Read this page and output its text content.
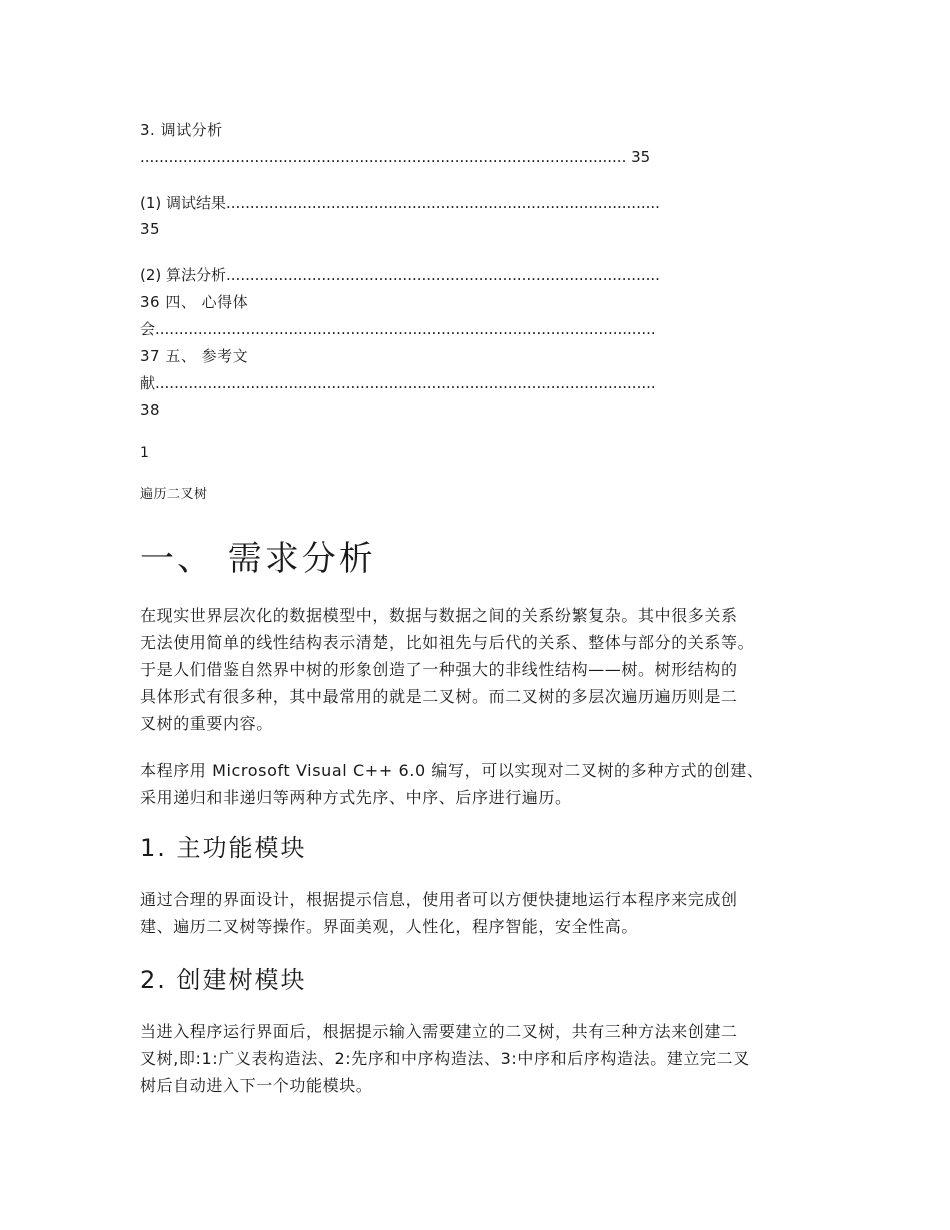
3. 调试分析
...................................................................................................... 35
(1) 调试结果...........................................................................................
35
(2) 算法分析...........................................................................................
36 四、 心得体
会.........................................................................................................
37 五、 参考文
献.........................................................................................................
38
1
遍历二叉树
一、 需求分析
在现实世界层次化的数据模型中，数据与数据之间的关系纷繁复杂。其中很多关系
无法使用简单的线性结构表示清楚，比如祖先与后代的关系、整体与部分的关系等。
于是人们借鉴自然界中树的形象创造了一种强大的非线性结构——树。树形结构的
具体形式有很多种，其中最常用的就是二叉树。而二叉树的多层次遍历遍历则是二
叉树的重要内容。
本程序用 Microsoft Visual C++ 6.0 编写，可以实现对二叉树的多种方式的创建、
采用递归和非递归等两种方式先序、中序、后序进行遍历。
1. 主功能模块
通过合理的界面设计，根据提示信息，使用者可以方便快捷地运行本程序来完成创
建、遍历二叉树等操作。界面美观，人性化，程序智能，安全性高。
2. 创建树模块
当进入程序运行界面后，根据提示输入需要建立的二叉树，共有三种方法来创建二
叉树,即:1:广义表构造法、2:先序和中序构造法、3:中序和后序构造法。建立完二叉
树后自动进入下一个功能模块。
